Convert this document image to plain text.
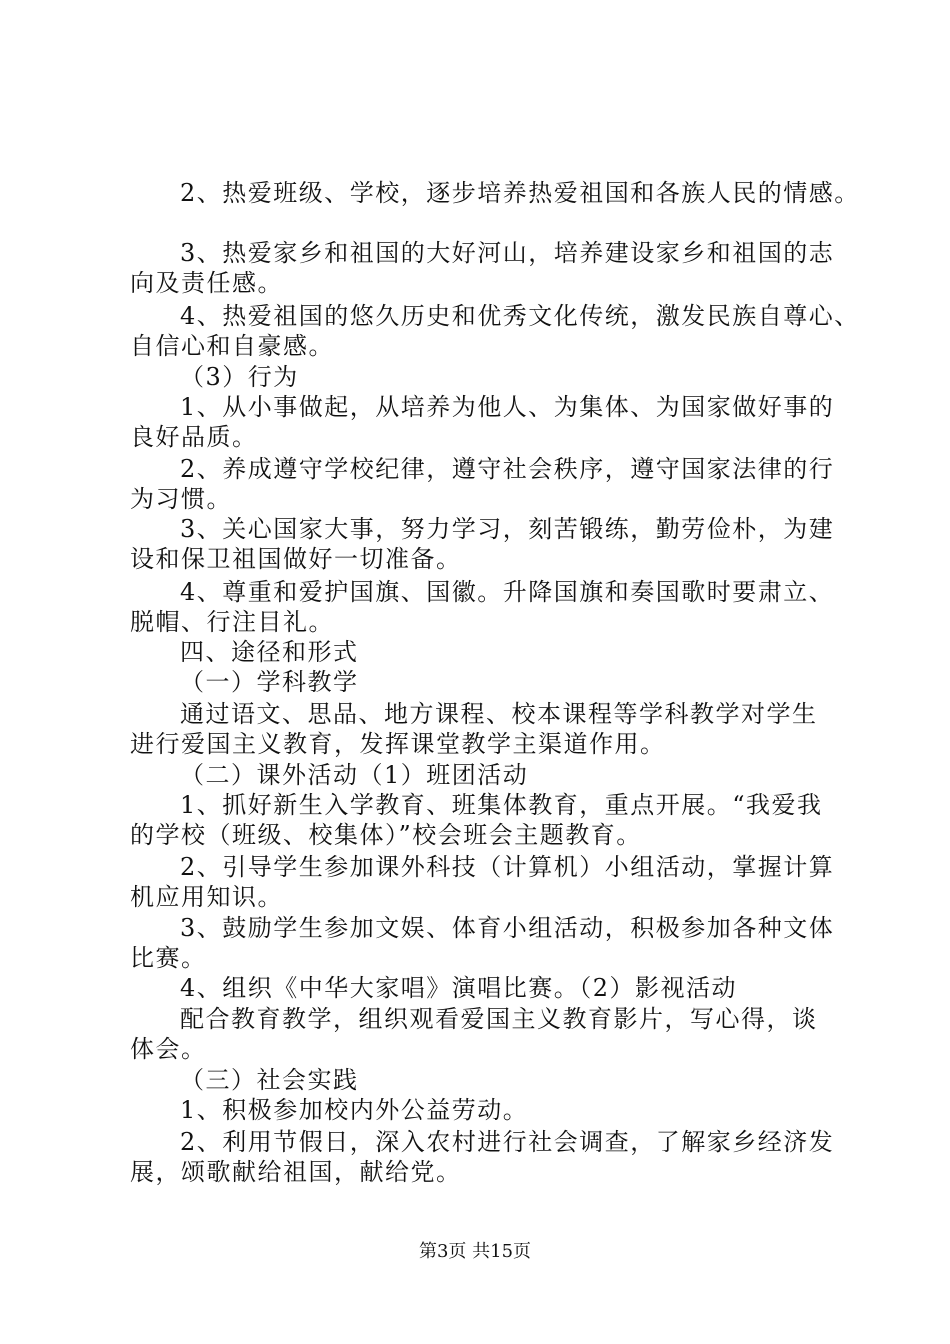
2、热爱班级、学校，逐步培养热爱祖国和各族人民的情感。
3、热爱家乡和祖国的大好河山，培养建设家乡和祖国的志
向及责任感。
4、热爱祖国的悠久历史和优秀文化传统，激发民族自尊心、
自信心和自豪感。
（3）行为
1、从小事做起，从培养为他人、为集体、为国家做好事的
良好品质。
2、养成遵守学校纪律，遵守社会秩序，遵守国家法律的行
为习惯。
3、关心国家大事，努力学习，刻苦锻练，勤劳俭朴，为建
设和保卫祖国做好一切准备。
4、尊重和爱护国旗、国徽。升降国旗和奏国歌时要肃立、
脱帽、行注目礼。
四、途径和形式
（一）学科教学
通过语文、思品、地方课程、校本课程等学科教学对学生
进行爱国主义教育，发挥课堂教学主渠道作用。
（二）课外活动（1）班团活动
1、抓好新生入学教育、班集体教育，重点开展。“我爱我
的学校（班级、校集体）”校会班会主题教育。
2、引导学生参加课外科技（计算机）小组活动，掌握计算
机应用知识。
3、鼓励学生参加文娱、体育小组活动，积极参加各种文体
比赛。
4、组织《中华大家唱》演唱比赛。（2）影视活动
配合教育教学，组织观看爱国主义教育影片，写心得，谈
体会。
（三）社会实践
1、积极参加校内外公益劳动。
2、利用节假日，深入农村进行社会调查，了解家乡经济发
展，颂歌献给祖国，献给党。
第3页 共15页
